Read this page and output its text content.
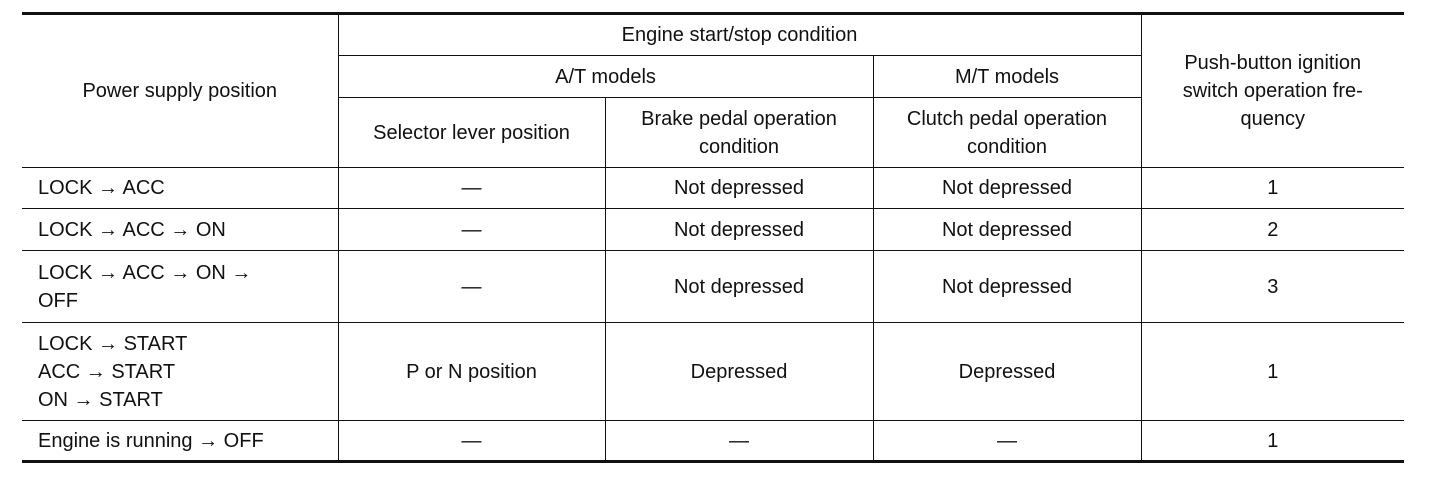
Power supply position	Engine start/stop condition			Push-button ignition
switch operation fre-
quency
	A/T models		M/T models	
	Selector lever position	Brake pedal operation
condition	Clutch pedal operation
condition	
LOCK → ACC	—	Not depressed	Not depressed	1
LOCK → ACC → ON	—	Not depressed	Not depressed	2
LOCK → ACC → ON →
OFF	—	Not depressed	Not depressed	3
LOCK → START
ACC → START
ON → START	P or N position	Depressed	Depressed	1
Engine is running → OFF	—	—	—	1
